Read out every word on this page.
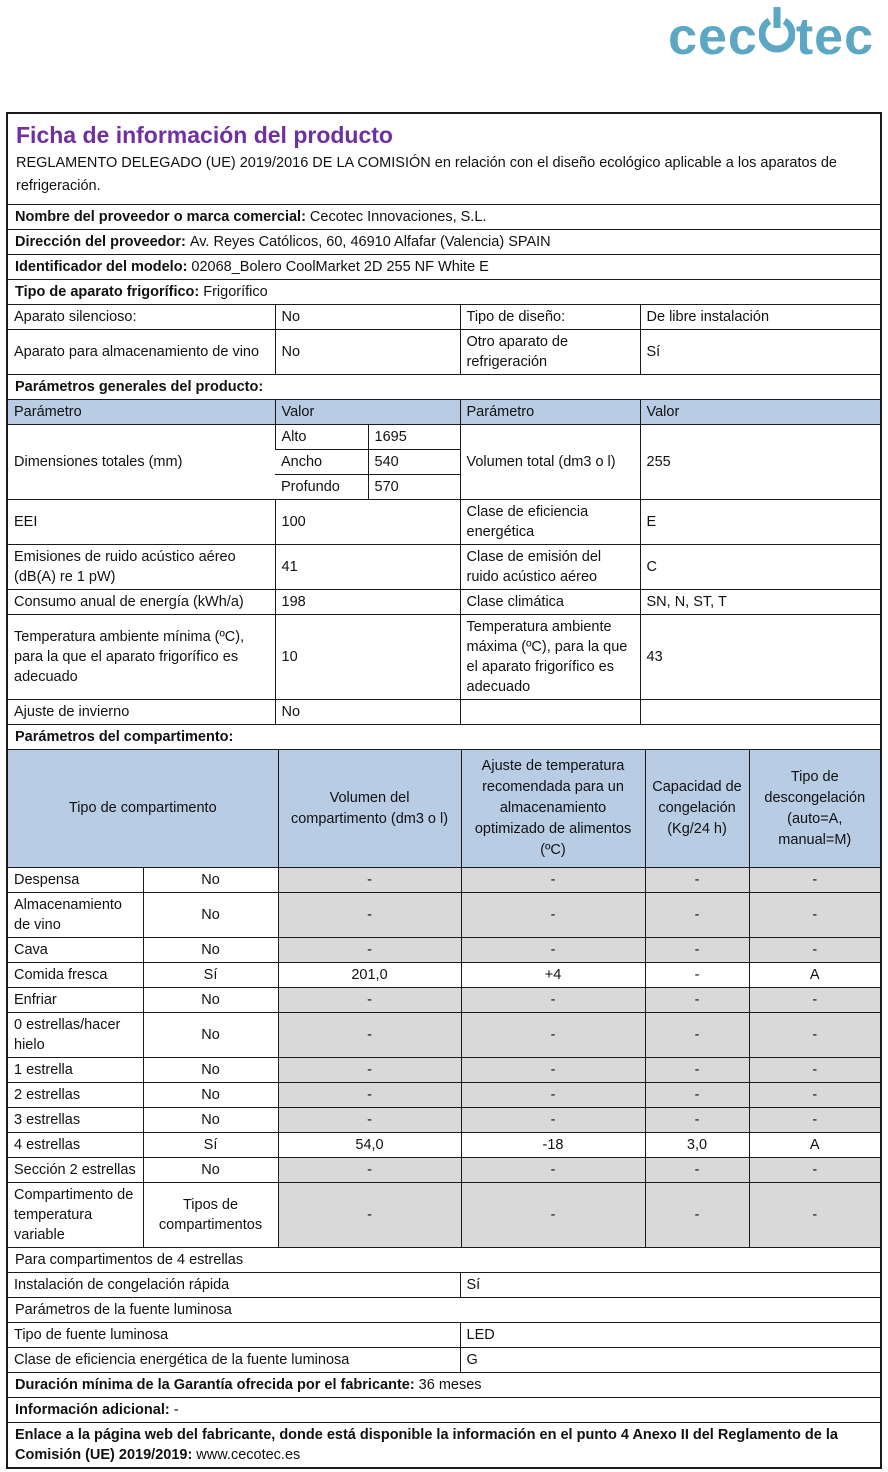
cec tec
Ficha de información del producto
REGLAMENTO DELEGADO (UE) 2019/2016 DE LA COMISIÓN en relación con el diseño ecológico aplicable a los aparatos de refrigeración.
Nombre del proveedor o marca comercial: Cecotec Innovaciones, S.L.
Dirección del proveedor: Av. Reyes Católicos, 60, 46910 Alfafar (Valencia) SPAIN
Identificador del modelo: 02068_Bolero CoolMarket 2D 255 NF White E
Tipo de aparato frigorífico: Frigorífico
Aparato silencioso:	No	Tipo de diseño:	De libre instalación
Aparato para almacenamiento de vino	No	Otro aparato de refrigeración	Sí
Parámetros generales del producto:
Parámetro	Valor		Parámetro	Valor
Dimensiones totales (mm)	Alto	1695	Volumen total (dm3 o l)	255
	Ancho	540		
	Profundo	570		
EEI	100		Clase de eficiencia energética	E
Emisiones de ruido acústico aéreo (dB(A) re 1 pW)	41		Clase de emisión del ruido acústico aéreo	C
Consumo anual de energía (kWh/a)	198		Clase climática	SN, N, ST, T
Temperatura ambiente mínima (ºC), para la que el aparato frigorífico es adecuado	10		Temperatura ambiente máxima (ºC), para la que el aparato frigorífico es adecuado	43
Ajuste de invierno	No			
Parámetros del compartimento:
Tipo de compartimento		Volumen del compartimento (dm3 o l)	Ajuste de temperatura recomendada para un almacenamiento optimizado de alimentos (ºC)	Capacidad de congelación (Kg/24 h)	Tipo de descongelación (auto=A, manual=M)
Despensa	No	-	-	-	-
Almacenamiento de vino	No	-	-	-	-
Cava	No	-	-	-	-
Comida fresca	Sí	201,0	+4	-	A
Enfriar	No	-	-	-	-
0 estrellas/hacer hielo	No	-	-	-	-
1 estrella	No	-	-	-	-
2 estrellas	No	-	-	-	-
3 estrellas	No	-	-	-	-
4 estrellas	Sí	54,0	-18	3,0	A
Sección 2 estrellas	No	-	-	-	-
Compartimento de temperatura variable	Tipos de compartimentos	-	-	-	-
Para compartimentos de 4 estrellas
Instalación de congelación rápida	Sí
Parámetros de la fuente luminosa
Tipo de fuente luminosa	LED
Clase de eficiencia energética de la fuente luminosa	G
Duración mínima de la Garantía ofrecida por el fabricante: 36 meses
Información adicional: -
Enlace a la página web del fabricante, donde está disponible la información en el punto 4 Anexo II del Reglamento de la Comisión (UE) 2019/2019: www.cecotec.es
